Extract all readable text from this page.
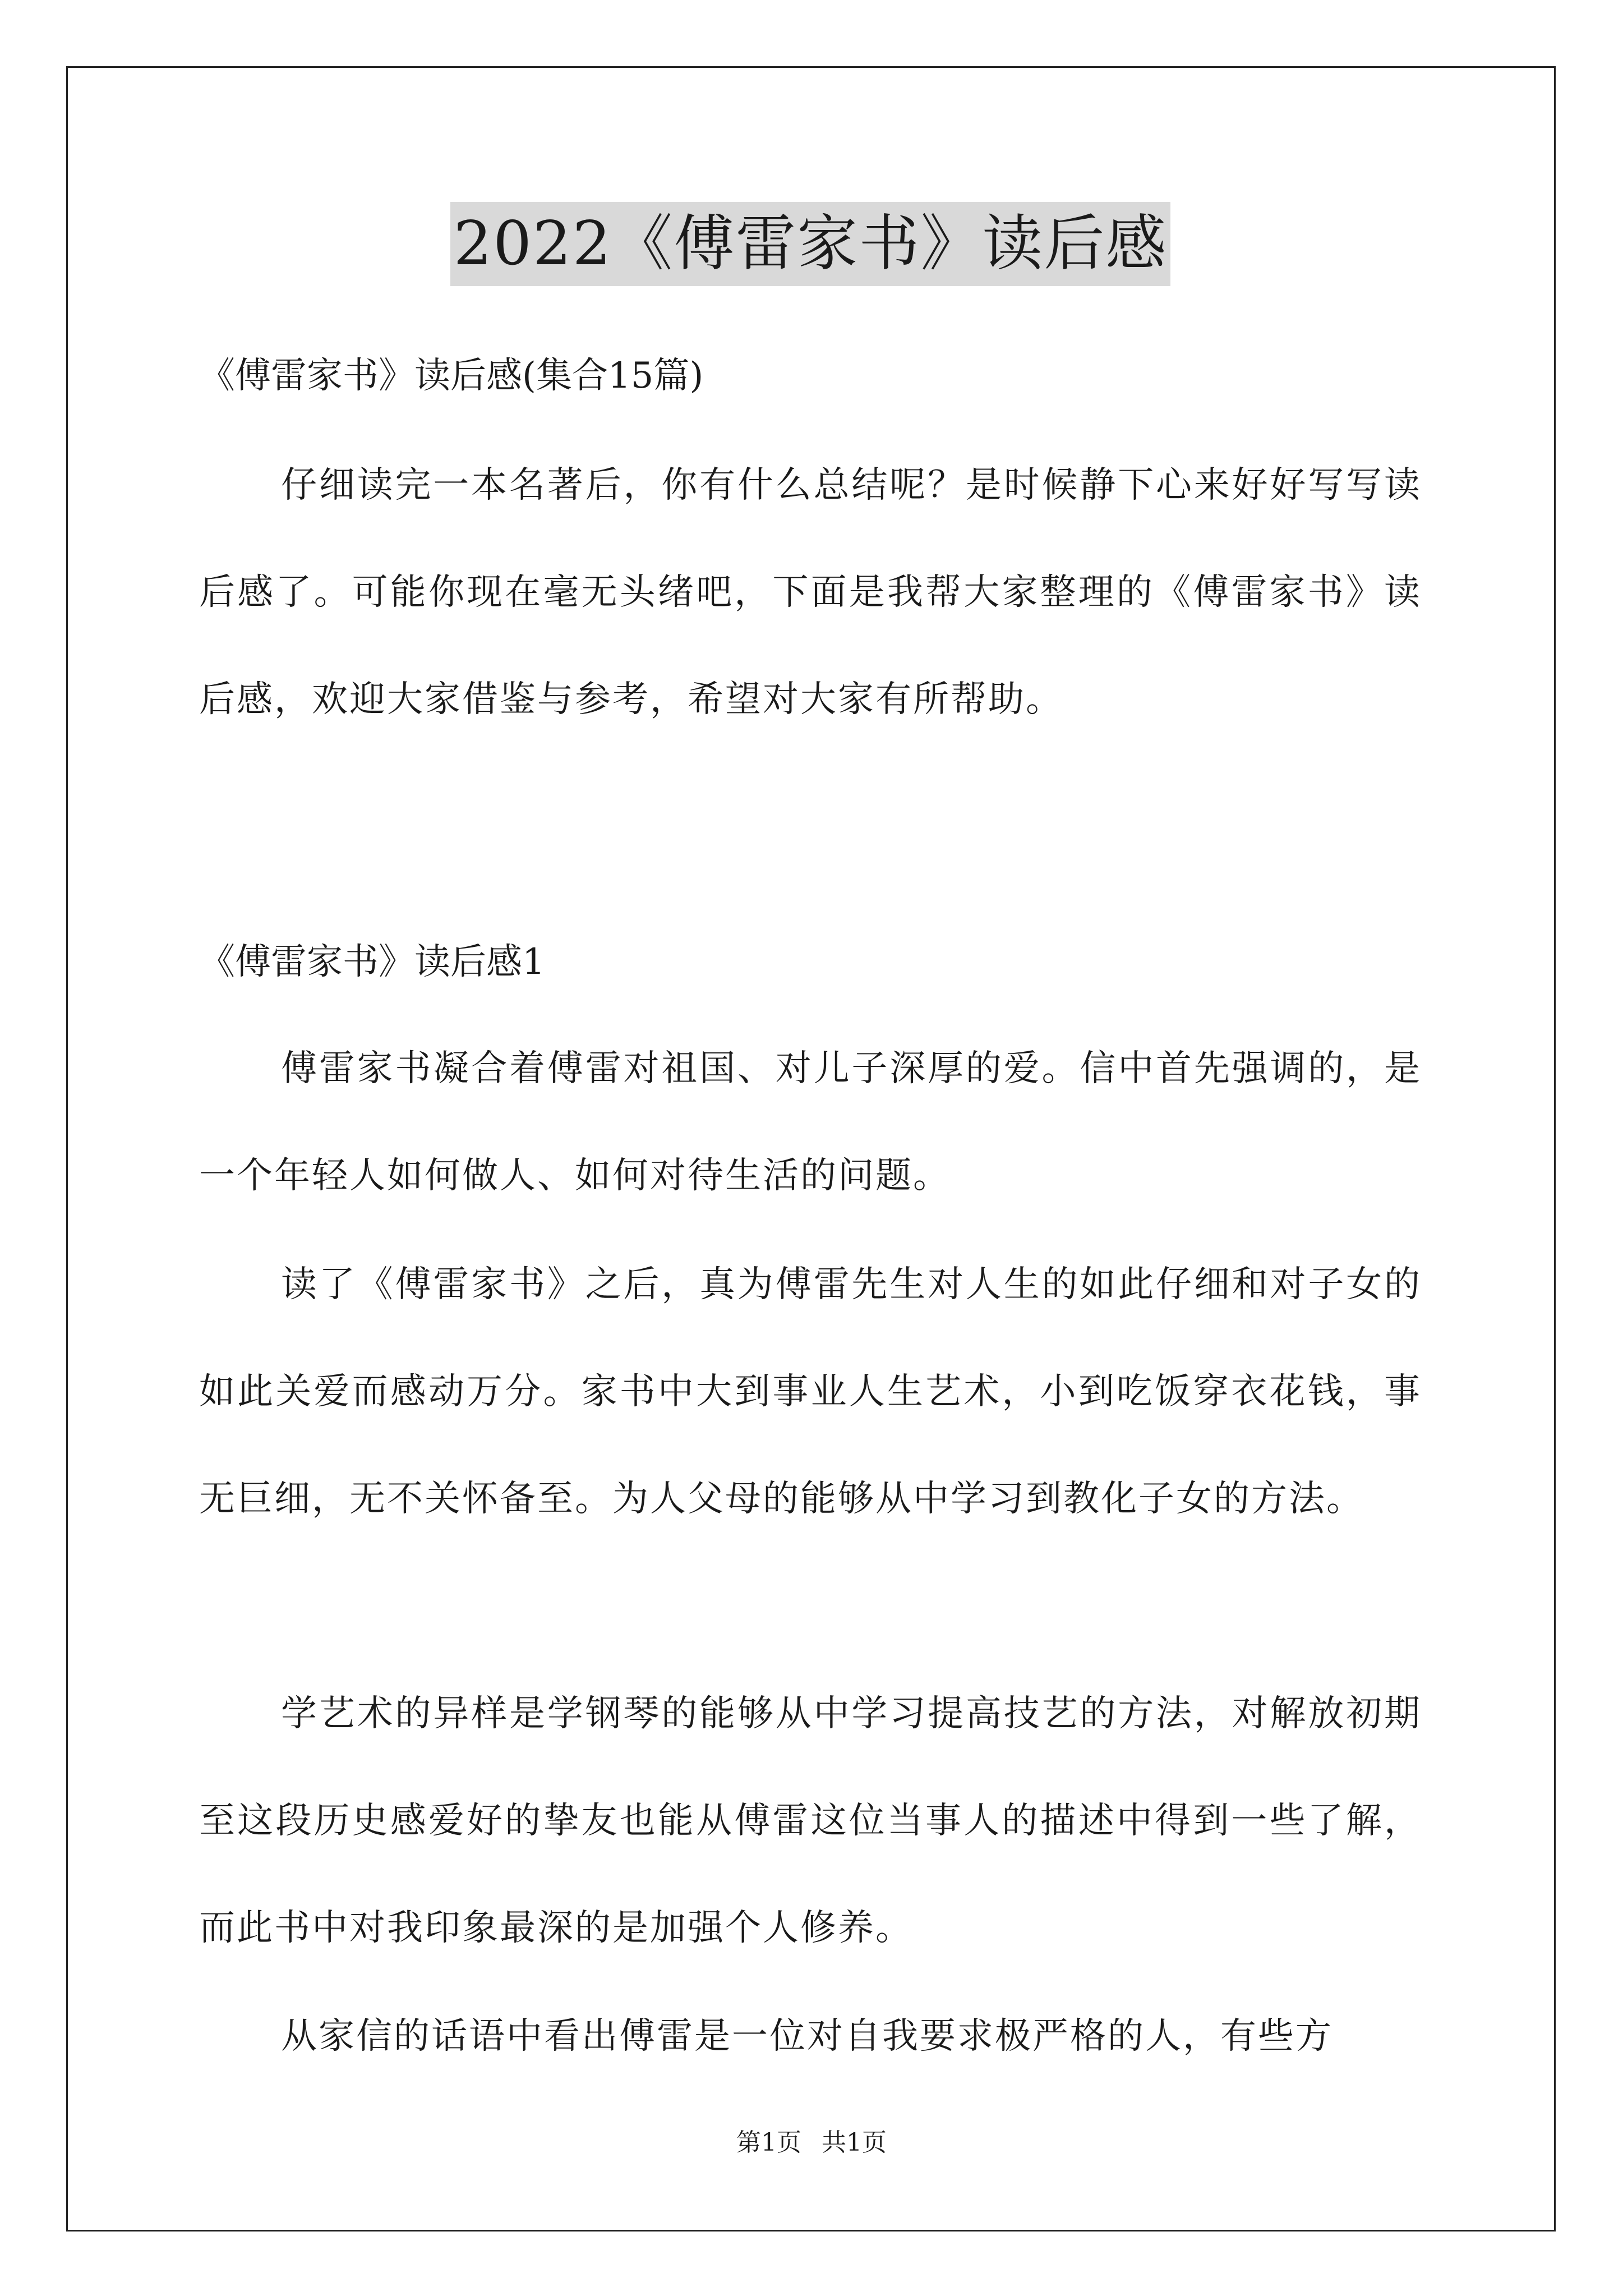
2022《傅雷家书》读后感
《傅雷家书》读后感(集合15篇)
仔细读完一本名著后，你有什么总结呢？是时候静下心来好好写写读后感了。可能你现在毫无头绪吧，下面是我帮大家整理的《傅雷家书》读后感，欢迎大家借鉴与参考，希望对大家有所帮助。
《傅雷家书》读后感1
傅雷家书凝合着傅雷对祖国、对儿子深厚的爱。信中首先强调的，是一个年轻人如何做人、如何对待生活的问题。
读了《傅雷家书》之后，真为傅雷先生对人生的如此仔细和对子女的如此关爱而感动万分。家书中大到事业人生艺术，小到吃饭穿衣花钱，事无巨细，无不关怀备至。为人父母的能够从中学习到教化子女的方法。
学艺术的异样是学钢琴的能够从中学习提高技艺的方法，对解放初期至这段历史感爱好的挚友也能从傅雷这位当事人的描述中得到一些了解，而此书中对我印象最深的是加强个人修养。
从家信的话语中看出傅雷是一位对自我要求极严格的人，有些方
第1页 共1页
